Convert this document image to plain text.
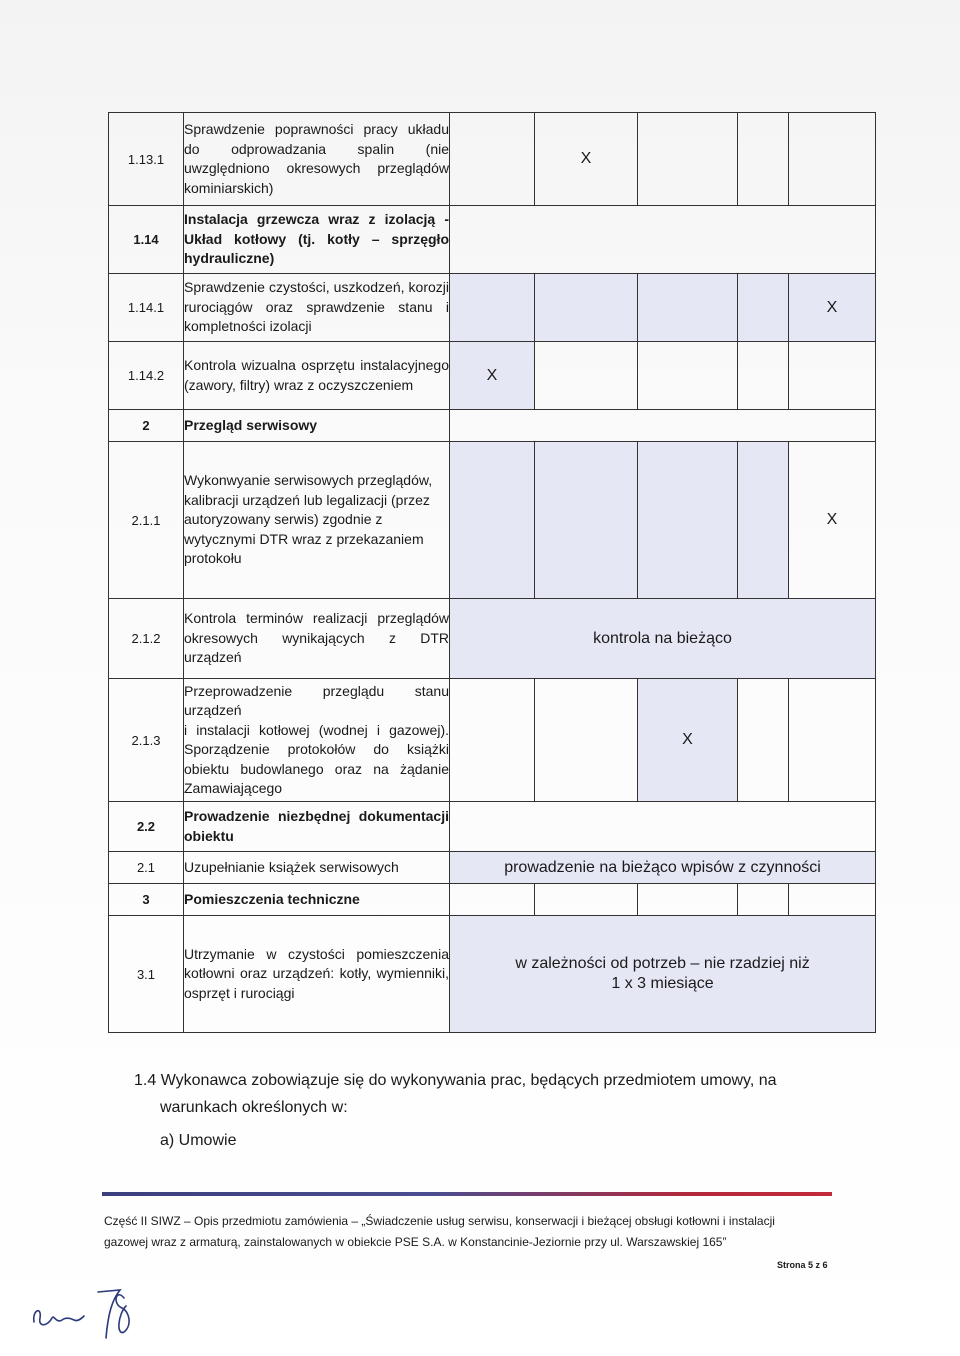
1.13.1	Sprawdzenie poprawności pracy układu do odprowadzania spalin (nie uwzględniono okresowych przeglądów kominiarskich)		X			
1.14	Instalacja grzewcza wraz z izolacją - Układ kotłowy (tj. kotły – sprzęgło hydrauliczne)					
1.14.1	Sprawdzenie czystości, uszkodzeń, korozji rurociągów oraz sprawdzenie stanu i kompletności izolacji					X
1.14.2	Kontrola wizualna osprzętu instalacyjnego (zawory, filtry) wraz z oczyszczeniem	X				
2	Przegląd serwisowy					
2.1.1	Wykonwyanie serwisowych przeglądów, kalibracji urządzeń lub legalizacji (przez autoryzowany serwis) zgodnie z wytycznymi DTR wraz z przekazaniem protokołu					X
2.1.2	Kontrola terminów realizacji przeglądów okresowych wynikających z DTR urządzeń	kontrola na bieżąco				
2.1.3	Przeprowadzenie przeglądu stanu urządzeń
i instalacji kotłowej (wodnej i gazowej). Sporządzenie protokołów do książki obiektu budowlanego oraz na żądanie Zamawiającego			X		
2.2	Prowadzenie niezbędnej dokumentacji obiektu					
2.1	Uzupełnianie książek serwisowych	prowadzenie na bieżąco wpisów z czynności				
3	Pomieszczenia techniczne					
3.1	Utrzymanie w czystości pomieszczenia kotłowni oraz urządzeń: kotły, wymienniki, osprzęt i rurociągi	w zależności od potrzeb – nie rzadziej niż
1 x 3 miesiące				
1.4 Wykonawca zobowiązuje się do wykonywania prac, będących przedmiotem umowy, na
warunkach określonych w:
a) Umowie
Część II SIWZ – Opis przedmiotu zamówienia – „Świadczenie usług serwisu, konserwacji i bieżącej obsługi kotłowni i instalacji
gazowej wraz z armaturą, zainstalowanych w obiekcie PSE S.A. w Konstancinie-Jeziornie przy ul. Warszawskiej 165”
Strona 5 z 6
